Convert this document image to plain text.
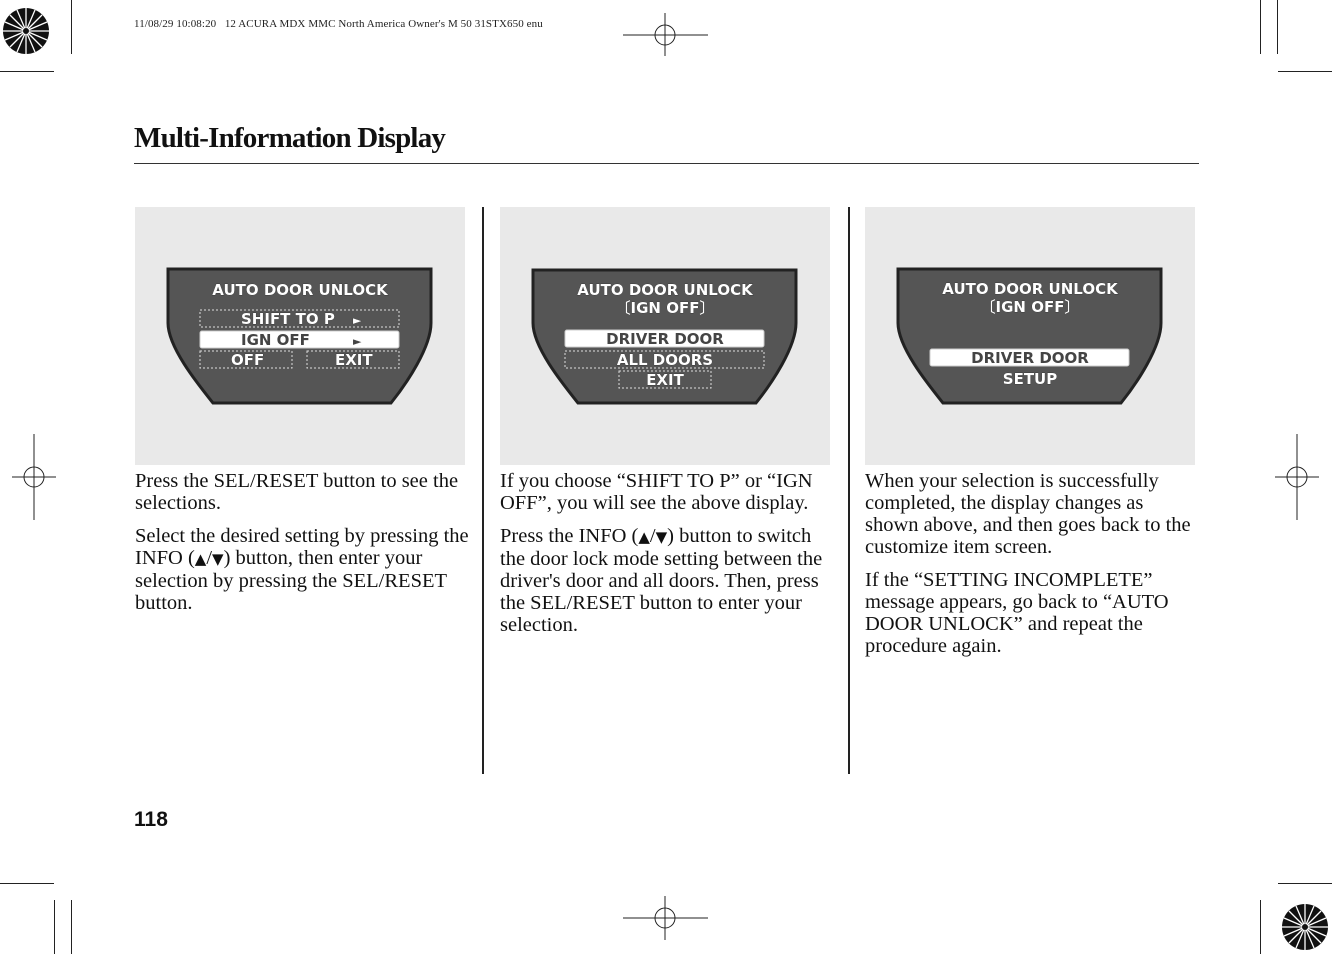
11/08/29 10:08:20   12 ACURA MDX MMC North America Owner's M 50 31STX650 enu
Multi-Information Display
AUTO DOOR UNLOCK
SHIFT TO P ►
IGN OFF	►
OFF	EXIT
AUTO DOOR UNLOCK
〔IGN OFF〕
DRIVER DOOR
ALL DOORS
EXIT
AUTO DOOR UNLOCK
〔IGN OFF〕
DRIVER DOOR
SETUP

Press the SEL/RESET button to see the selections.

Select the desired setting by pressing the INFO (▲/▼) button, then enter your selection by pressing the SEL/RESET button.

If you choose “SHIFT TO P” or “IGN OFF”, you will see the above display.

Press the INFO (▲/▼) button to switch the door lock mode setting between the driver's door and all doors. Then, press the SEL/RESET button to enter your selection.

When your selection is successfully completed, the display changes as shown above, and then goes back to the customize item screen.

If the “SETTING INCOMPLETE” message appears, go back to “AUTO DOOR UNLOCK” and repeat the procedure again.

118
